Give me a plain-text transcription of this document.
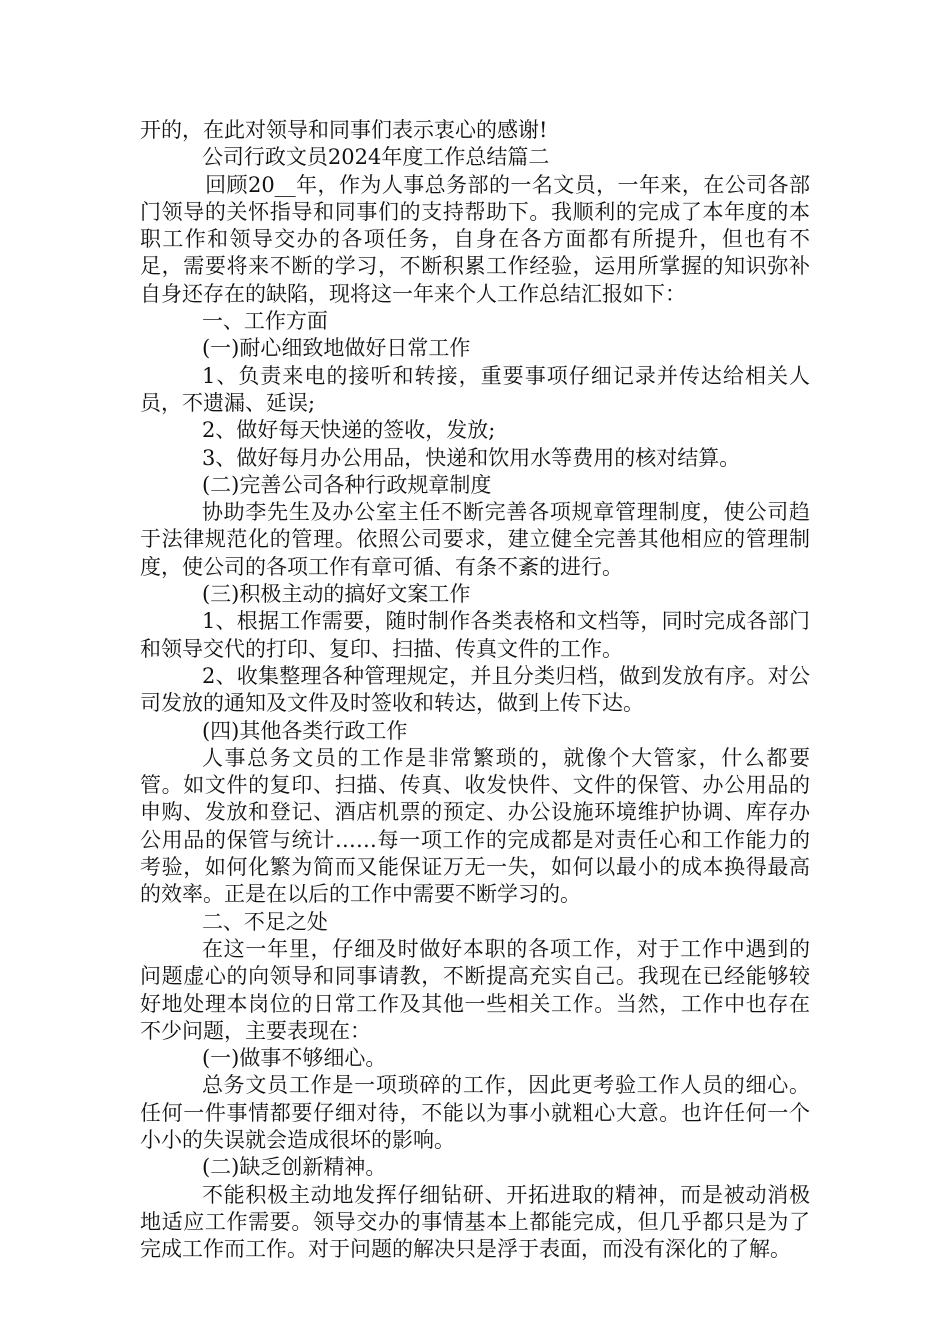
开的，在此对领导和同事们表示衷心的感谢!

公司行政文员2024年度工作总结篇二

回顾20__年，作为人事总务部的一名文员，一年来，在公司各部门领导的关怀指导和同事们的支持帮助下。我顺利的完成了本年度的本职工作和领导交办的各项任务，自身在各方面都有所提升，但也有不足，需要将来不断的学习，不断积累工作经验，运用所掌握的知识弥补自身还存在的缺陷，现将这一年来个人工作总结汇报如下：

一、工作方面

(一)耐心细致地做好日常工作

1、负责来电的接听和转接，重要事项仔细记录并传达给相关人员，不遗漏、延误;

2、做好每天快递的签收，发放;

3、做好每月办公用品，快递和饮用水等费用的核对结算。

(二)完善公司各种行政规章制度

协助李先生及办公室主任不断完善各项规章管理制度，使公司趋于法律规范化的管理。依照公司要求，建立健全完善其他相应的管理制度，使公司的各项工作有章可循、有条不紊的进行。

(三)积极主动的搞好文案工作

1、根据工作需要，随时制作各类表格和文档等，同时完成各部门和领导交代的打印、复印、扫描、传真文件的工作。

2、收集整理各种管理规定，并且分类归档，做到发放有序。对公司发放的通知及文件及时签收和转达，做到上传下达。

(四)其他各类行政工作

人事总务文员的工作是非常繁琐的，就像个大管家，什么都要管。如文件的复印、扫描、传真、收发快件、文件的保管、办公用品的申购、发放和登记、酒店机票的预定、办公设施环境维护协调、库存办公用品的保管与统计……每一项工作的完成都是对责任心和工作能力的考验，如何化繁为简而又能保证万无一失，如何以最小的成本换得最高的效率。正是在以后的工作中需要不断学习的。

二、不足之处

在这一年里，仔细及时做好本职的各项工作，对于工作中遇到的问题虚心的向领导和同事请教，不断提高充实自己。我现在已经能够较好地处理本岗位的日常工作及其他一些相关工作。当然，工作中也存在不少问题，主要表现在：

(一)做事不够细心。

总务文员工作是一项琐碎的工作，因此更考验工作人员的细心。任何一件事情都要仔细对待，不能以为事小就粗心大意。也许任何一个小小的失误就会造成很坏的影响。

(二)缺乏创新精神。

不能积极主动地发挥仔细钻研、开拓进取的精神，而是被动消极地适应工作需要。领导交办的事情基本上都能完成，但几乎都只是为了完成工作而工作。对于问题的解决只是浮于表面，而没有深化的了解。
